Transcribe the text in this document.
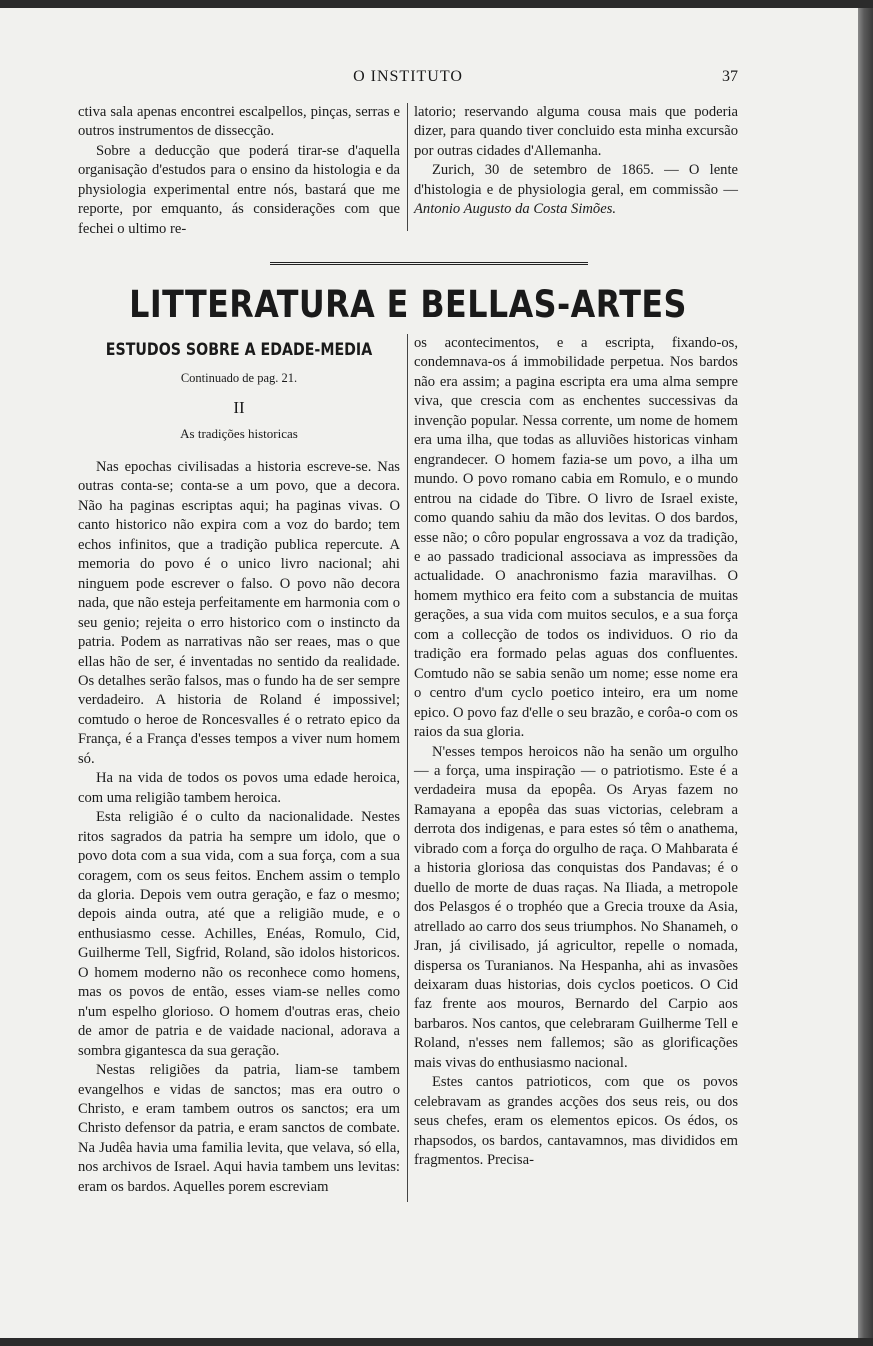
O INSTITUTO	37

ctiva sala apenas encontrei escalpellos, pinças, serras e outros instrumentos de dissecção.

Sobre a deducção que poderá tirar-se d'aquella organisação d'estudos para o ensino da histologia e da physiologia experimental entre nós, bastará que me reporte, por emquanto, ás considerações com que fechei o ultimo re-

latorio; reservando alguma cousa mais que poderia dizer, para quando tiver concluido esta minha excursão por outras cidades d'Allemanha.

Zurich, 30 de setembro de 1865. — O lente d'histologia e de physiologia geral, em commissão — Antonio Augusto da Costa Simões.

LITTERATURA E BELLAS-ARTES
ESTUDOS SOBRE A EDADE-MEDIA
Continuado de pag. 21.
II
As tradições historicas

Nas epochas civilisadas a historia escreve-se. Nas outras conta-se; conta-se a um povo, que a decora. Não ha paginas escriptas aqui; ha paginas vivas. O canto historico não expira com a voz do bardo; tem echos infinitos, que a tradição publica repercute. A memoria do povo é o unico livro nacional; ahi ninguem pode escrever o falso. O povo não decora nada, que não esteja perfeitamente em harmonia com o seu genio; rejeita o erro historico com o instincto da patria. Podem as narrativas não ser reaes, mas o que ellas hão de ser, é inventadas no sentido da realidade. Os detalhes serão falsos, mas o fundo ha de ser sempre verdadeiro. A historia de Roland é impossivel; comtudo o heroe de Roncesvalles é o retrato epico da França, é a França d'esses tempos a viver num homem só.

Ha na vida de todos os povos uma edade heroica, com uma religião tambem heroica.

Esta religião é o culto da nacionalidade. Nestes ritos sagrados da patria ha sempre um idolo, que o povo dota com a sua vida, com a sua força, com a sua coragem, com os seus feitos. Enchem assim o templo da gloria. Depois vem outra geração, e faz o mesmo; depois ainda outra, até que a religião mude, e o enthusiasmo cesse. Achilles, Enéas, Romulo, Cid, Guilherme Tell, Sigfrid, Roland, são idolos historicos. O homem moderno não os reconhece como homens, mas os povos de então, esses viam-se nelles como n'um espelho glorioso. O homem d'outras eras, cheio de amor de patria e de vaidade nacional, adorava a sombra gigantesca da sua geração.

Nestas religiões da patria, liam-se tambem evangelhos e vidas de sanctos; mas era outro o Christo, e eram tambem outros os sanctos; era um Christo defensor da patria, e eram sanctos de combate. Na Judêa havia uma familia levita, que velava, só ella, nos archivos de Israel. Aqui havia tambem uns levitas: eram os bardos. Aquelles porem escreviam

os acontecimentos, e a escripta, fixando-os, condemnava-os á immobilidade perpetua. Nos bardos não era assim; a pagina escripta era uma alma sempre viva, que crescia com as enchentes successivas da invenção popular. Nessa corrente, um nome de homem era uma ilha, que todas as alluviões historicas vinham engrandecer. O homem fazia-se um povo, a ilha um mundo. O povo romano cabia em Romulo, e o mundo entrou na cidade do Tibre. O livro de Israel existe, como quando sahiu da mão dos levitas. O dos bardos, esse não; o côro popular engrossava a voz da tradição, e ao passado tradicional associava as impressões da actualidade. O anachronismo fazia maravilhas. O homem mythico era feito com a substancia de muitas gerações, a sua vida com muitos seculos, e a sua força com a collecção de todos os individuos. O rio da tradição era formado pelas aguas dos confluentes. Comtudo não se sabia senão um nome; esse nome era o centro d'um cyclo poetico inteiro, era um nome epico. O povo faz d'elle o seu brazão, e corôa-o com os raios da sua gloria.

N'esses tempos heroicos não ha senão um orgulho — a força, uma inspiração — o patriotismo. Este é a verdadeira musa da epopêa. Os Aryas fazem no Ramayana a epopêa das suas victorias, celebram a derrota dos indigenas, e para estes só têm o anathema, vibrado com a força do orgulho de raça. O Mahbarata é a historia gloriosa das conquistas dos Pandavas; é o duello de morte de duas raças. Na Iliada, a metropole dos Pelasgos é o trophéo que a Grecia trouxe da Asia, atrellado ao carro dos seus triumphos. No Shanameh, o Jran, já civilisado, já agricultor, repelle o nomada, dispersa os Turanianos. Na Hespanha, ahi as invasões deixaram duas historias, dois cyclos poeticos. O Cid faz frente aos mouros, Bernardo del Carpio aos barbaros. Nos cantos, que celebraram Guilherme Tell e Roland, n'esses nem fallemos; são as glorificações mais vivas do enthusiasmo nacional.

Estes cantos patrioticos, com que os povos celebravam as grandes acções dos seus reis, ou dos seus chefes, eram os elementos epicos. Os édos, os rhapsodos, os bardos, cantavamnos, mas divididos em fragmentos. Precisa-
